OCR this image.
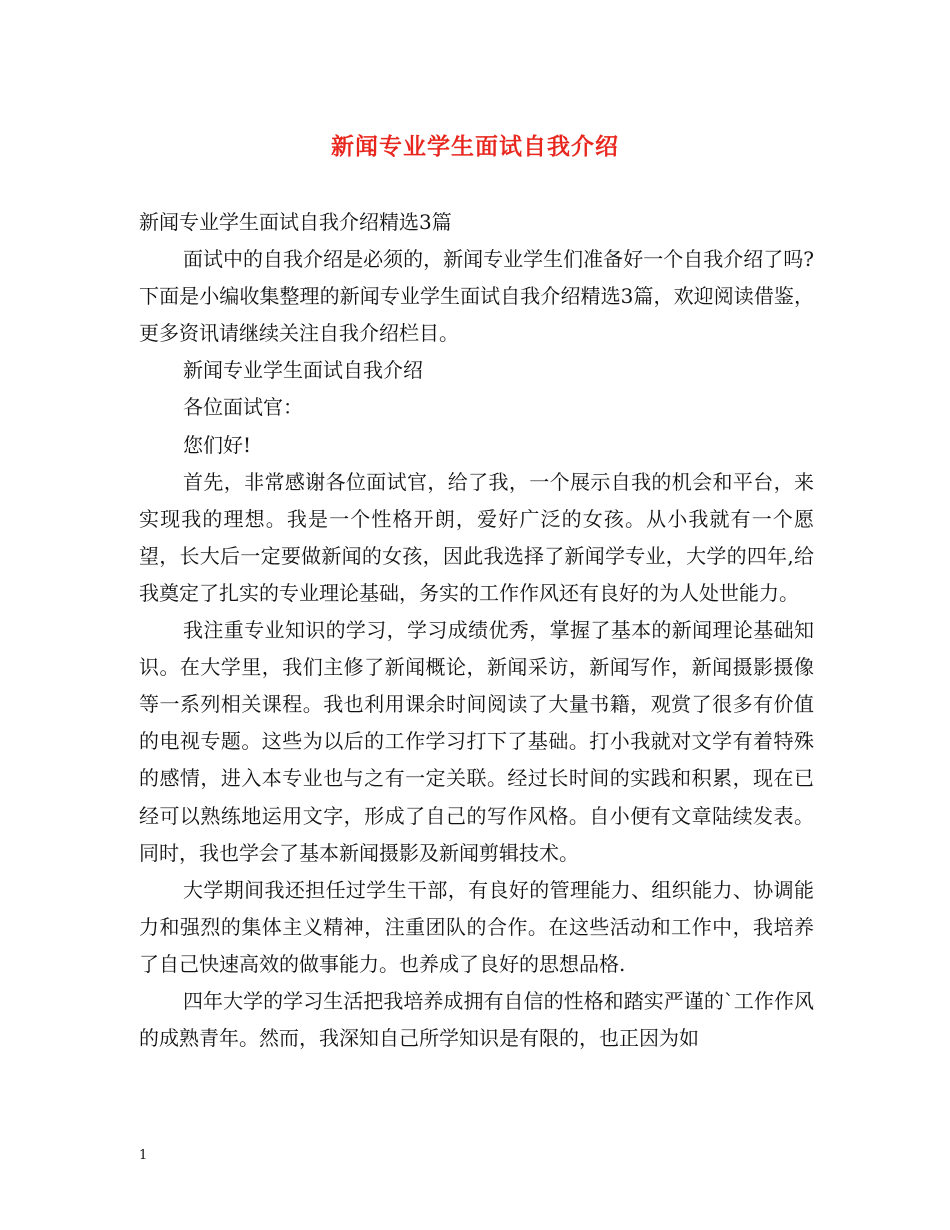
新闻专业学生面试自我介绍

新闻专业学生面试自我介绍精选3篇

面试中的自我介绍是必须的，新闻专业学生们准备好一个自我介绍了吗?下面是小编收集整理的新闻专业学生面试自我介绍精选3篇，欢迎阅读借鉴，更多资讯请继续关注自我介绍栏目。

新闻专业学生面试自我介绍

各位面试官：

您们好!

首先，非常感谢各位面试官，给了我，一个展示自我的机会和平台，来实现我的理想。我是一个性格开朗，爱好广泛的女孩。从小我就有一个愿望，长大后一定要做新闻的女孩，因此我选择了新闻学专业，大学的四年,给我奠定了扎实的专业理论基础，务实的工作作风还有良好的为人处世能力。

我注重专业知识的学习，学习成绩优秀，掌握了基本的新闻理论基础知识。在大学里，我们主修了新闻概论，新闻采访，新闻写作，新闻摄影摄像等一系列相关课程。我也利用课余时间阅读了大量书籍，观赏了很多有价值的电视专题。这些为以后的工作学习打下了基础。打小我就对文学有着特殊的感情，进入本专业也与之有一定关联。经过长时间的实践和积累，现在已经可以熟练地运用文字，形成了自己的写作风格。自小便有文章陆续发表。同时，我也学会了基本新闻摄影及新闻剪辑技术。

大学期间我还担任过学生干部，有良好的管理能力、组织能力、协调能力和强烈的集体主义精神，注重团队的合作。在这些活动和工作中，我培养了自己快速高效的做事能力。也养成了良好的思想品格.

四年大学的学习生活把我培养成拥有自信的性格和踏实严谨的`工作作风的成熟青年。然而，我深知自己所学知识是有限的，也正因为如

1
